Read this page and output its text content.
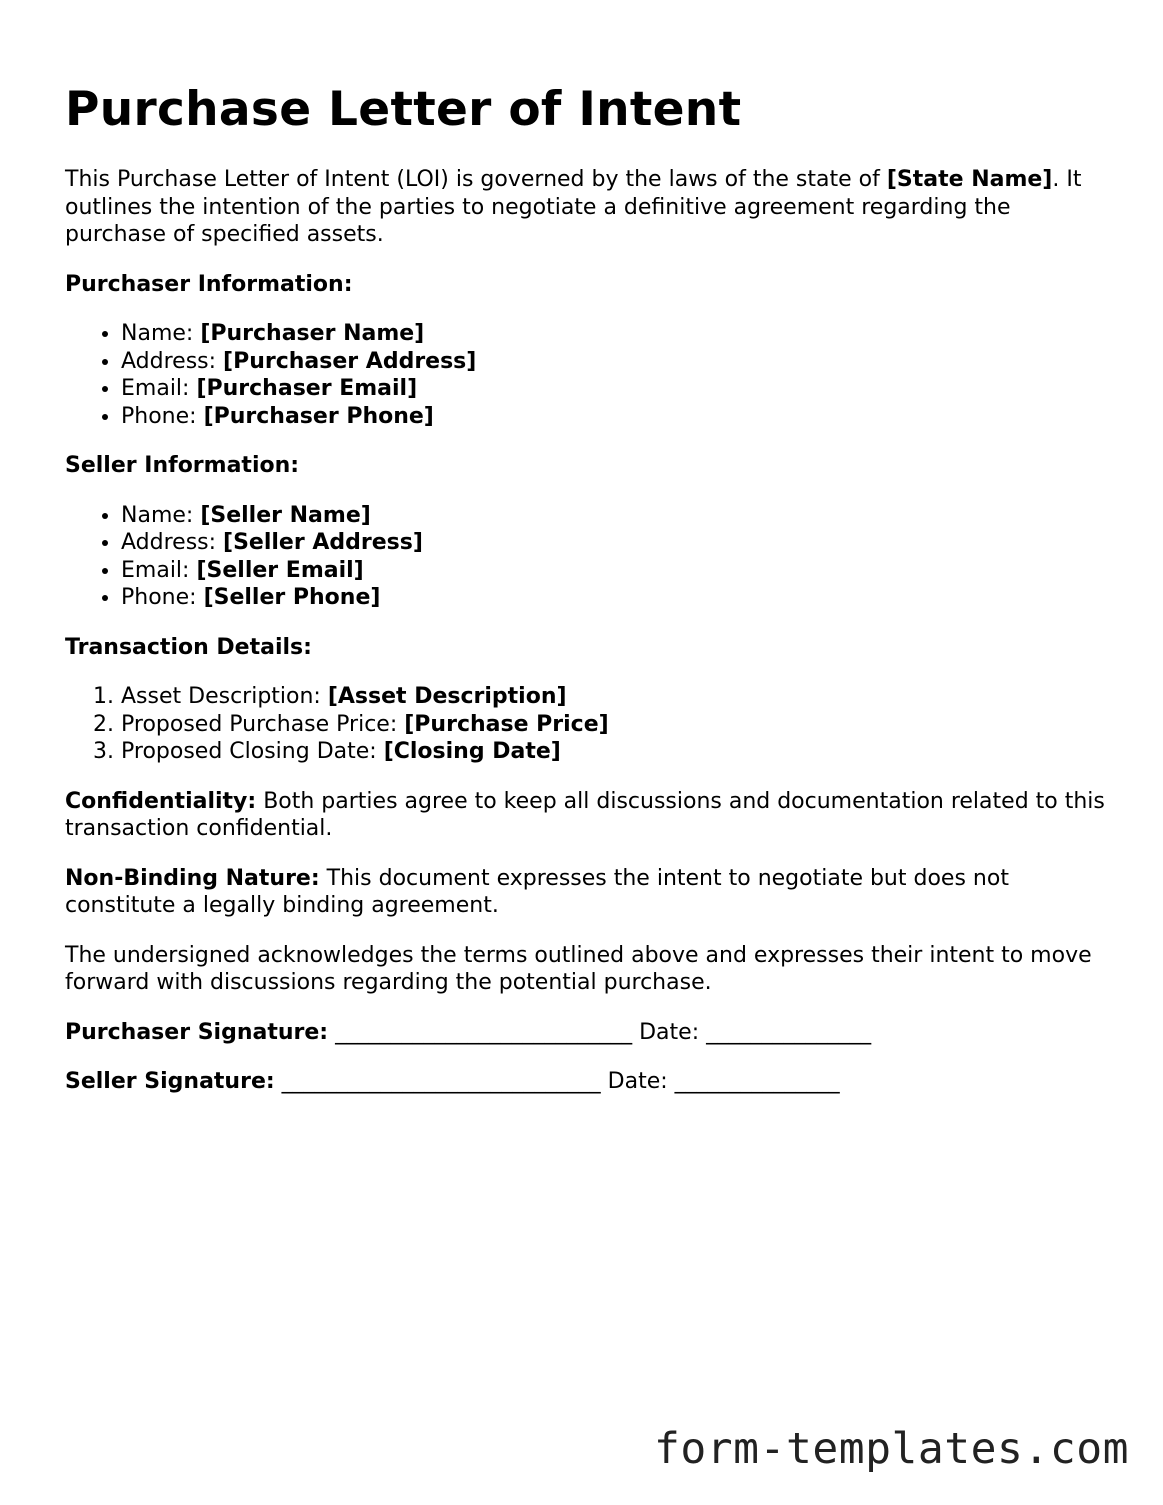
Purchase Letter of Intent

This Purchase Letter of Intent (LOI) is governed by the laws of the state of [State Name]. It outlines the intention of the parties to negotiate a definitive agreement regarding the purchase of specified assets.

Purchaser Information:
• Name: [Purchaser Name]
• Address: [Purchaser Address]
• Email: [Purchaser Email]
• Phone: [Purchaser Phone]
Seller Information:
• Name: [Seller Name]
• Address: [Seller Address]
• Email: [Seller Email]
• Phone: [Seller Phone]
Transaction Details:
1. Asset Description: [Asset Description]
2. Proposed Purchase Price: [Purchase Price]
3. Proposed Closing Date: [Closing Date]

Confidentiality: Both parties agree to keep all discussions and documentation related to this transaction confidential.

Non-Binding Nature: This document expresses the intent to negotiate but does not constitute a legally binding agreement.

The undersigned acknowledges the terms outlined above and expresses their intent to move forward with discussions regarding the potential purchase.

Purchaser Signature: ___________________________ Date: _______________
Seller Signature: _____________________________ Date: _______________
form-templates.com
